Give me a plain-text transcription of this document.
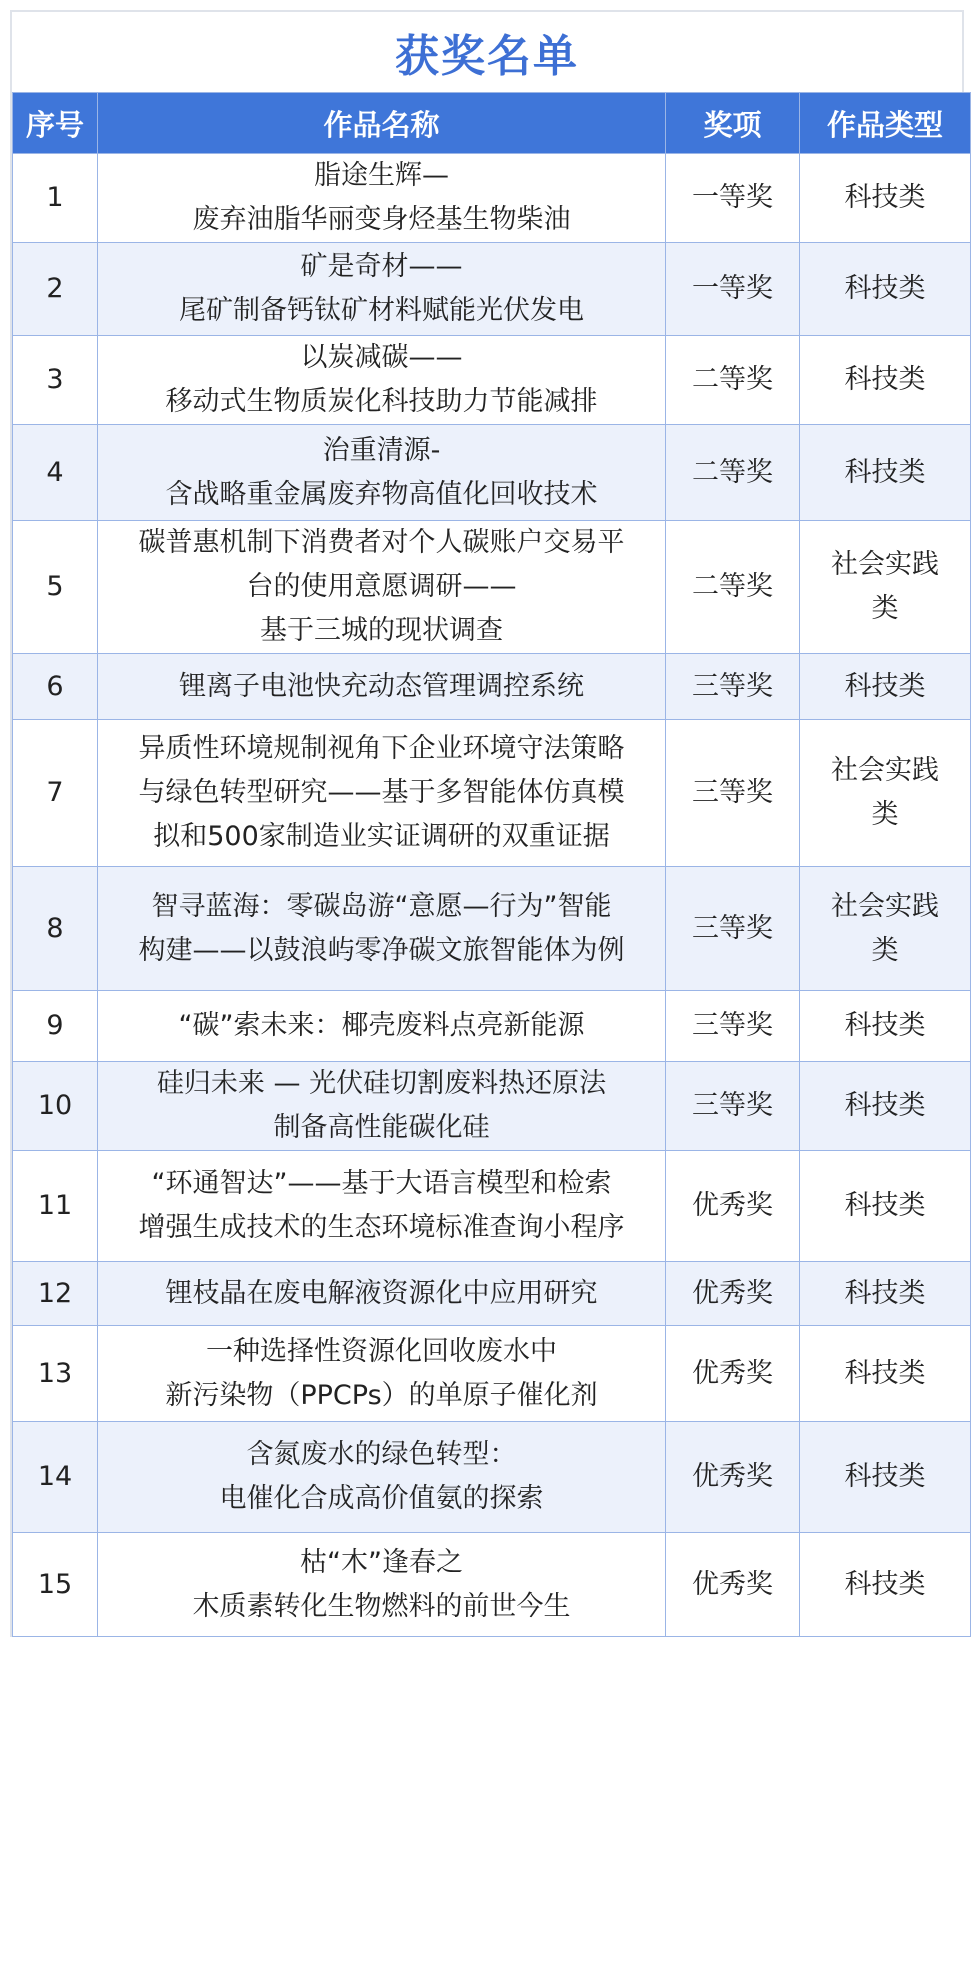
获奖名单
序号	作品名称	奖项	作品类型
1	脂途生辉—
废弃油脂华丽变身烃基生物柴油	一等奖	科技类

2	矿是奇材——
尾矿制备钙钛矿材料赋能光伏发电	一等奖	科技类

3	以炭减碳——
移动式生物质炭化科技助力节能减排	二等奖	科技类

4	治重清源-
含战略重金属废弃物高值化回收技术	二等奖	科技类

5	碳普惠机制下消费者对个人碳账户交易平
台的使用意愿调研——
基于三城的现状调查	二等奖	社会实践
类

6	锂离子电池快充动态管理调控系统	三等奖	科技类

7	异质性环境规制视角下企业环境守法策略
与绿色转型研究——基于多智能体仿真模
拟和500家制造业实证调研的双重证据	三等奖	社会实践
类

8	智寻蓝海：零碳岛游“意愿—行为”智能
构建——以鼓浪屿零净碳文旅智能体为例	三等奖	社会实践
类

9	“碳”索未来：椰壳废料点亮新能源	三等奖	科技类

10	硅归未来 — 光伏硅切割废料热还原法
制备高性能碳化硅	三等奖	科技类

11	“环通智达”——基于大语言模型和检索
增强生成技术的生态环境标准查询小程序	优秀奖	科技类

12	锂枝晶在废电解液资源化中应用研究	优秀奖	科技类

13	一种选择性资源化回收废水中
新污染物（PPCPs）的单原子催化剂	优秀奖	科技类

14	含氮废水的绿色转型：
电催化合成高价值氨的探索	优秀奖	科技类

15	枯“木”逢春之
木质素转化生物燃料的前世今生	优秀奖	科技类
